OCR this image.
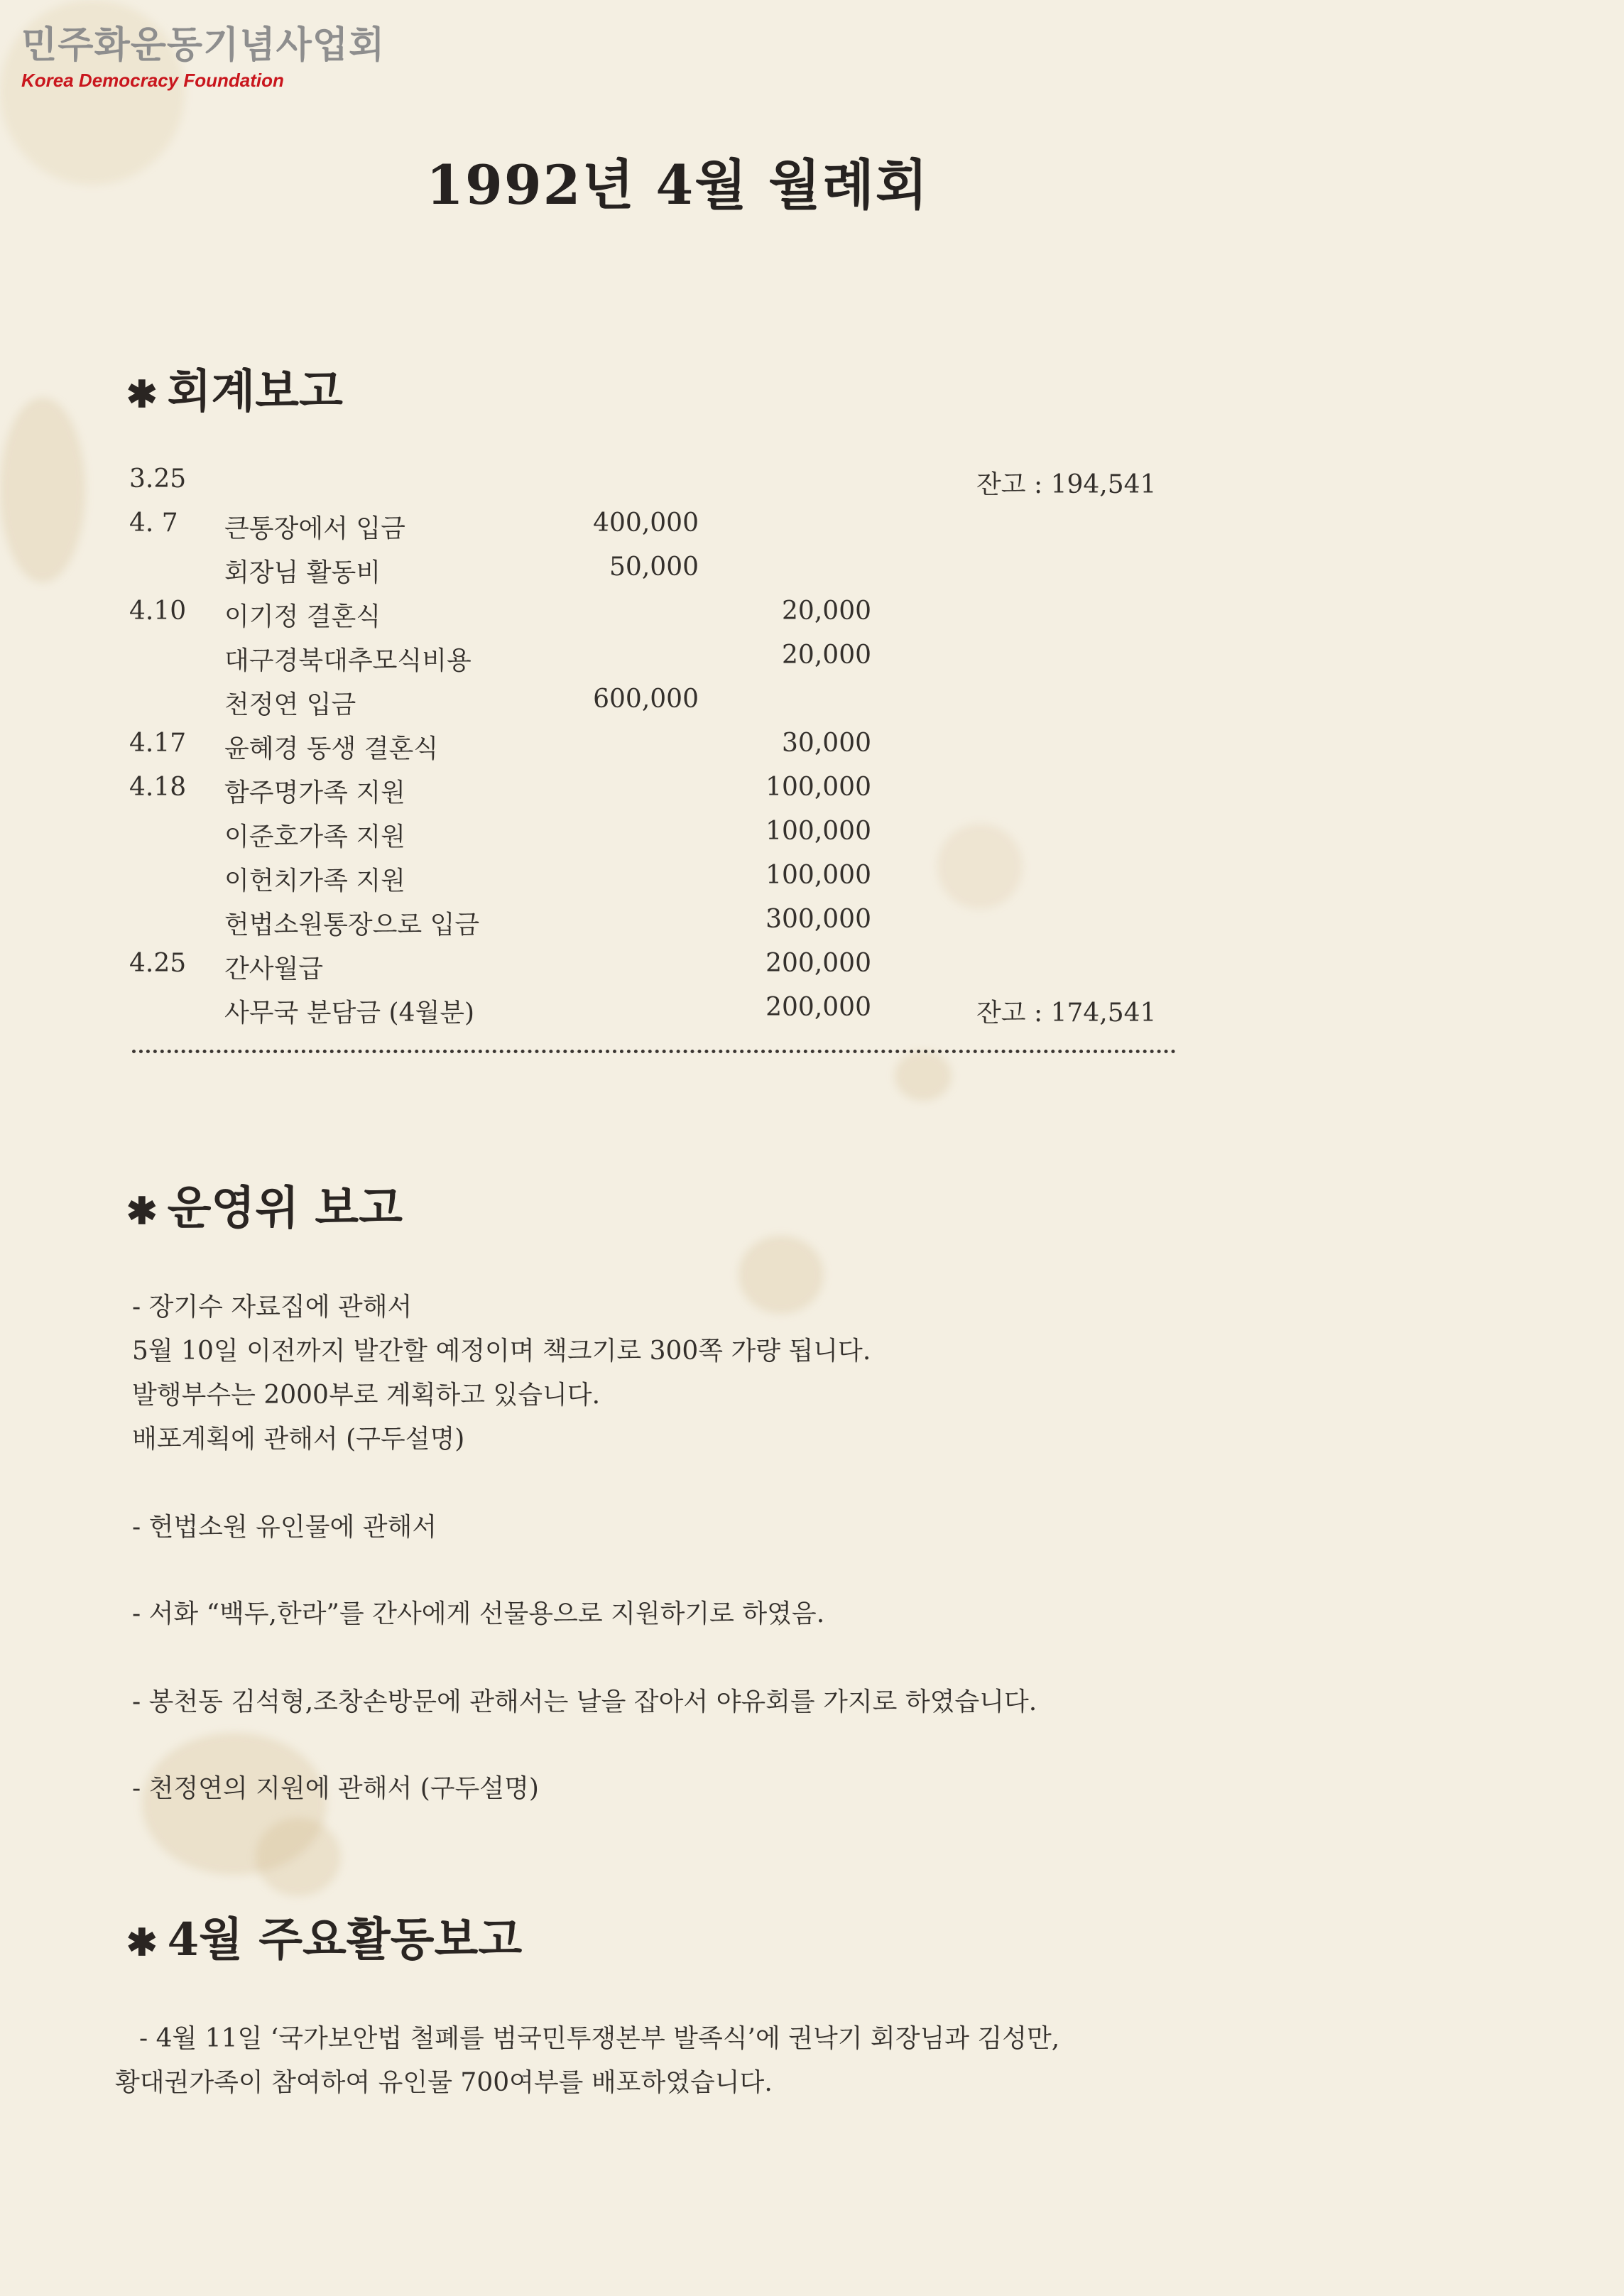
민주화운동기념사업회
Korea Democracy Foundation
1992년 4월 월례회
✱ 회계보고
3.25	잔고 : 194,541
4. 7 큰통장에서 입금	400,000
회장님 활동비	50,000
4.10 이기정 결혼식	20,000
대구경북대추모식비용	20,000
천정연 입금	600,000
4.17 윤혜경 동생 결혼식	30,000
4.18 함주명가족 지원	100,000
이준호가족 지원	100,000
이헌치가족 지원	100,000
헌법소원통장으로 입금	300,000
4.25 간사월급	200,000
사무국 분담금 (4월분)	200,000	잔고 : 174,541
✱ 운영위 보고
- 장기수 자료집에 관해서
5월 10일 이전까지 발간할 예정이며 책크기로 300쪽 가량 됩니다.
발행부수는 2000부로 계획하고 있습니다.
배포계획에 관해서 (구두설명)
- 헌법소원 유인물에 관해서
- 서화 “백두,한라”를 간사에게 선물용으로 지원하기로 하였음.
- 봉천동 김석형,조창손방문에 관해서는 날을 잡아서 야유회를 가지로 하였습니다.
- 천정연의 지원에 관해서 (구두설명)
✱ 4월 주요활동보고
- 4월 11일 ‘국가보안법 철폐를 범국민투쟁본부 발족식’에 권낙기 회장님과 김성만,
황대권가족이 참여하여 유인물 700여부를 배포하였습니다.
